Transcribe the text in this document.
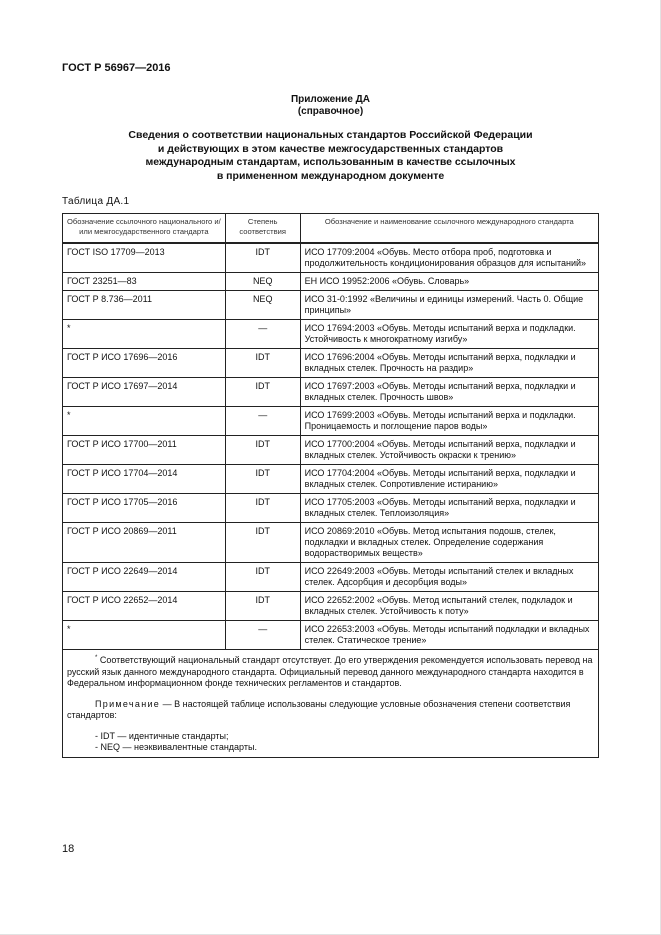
ГОСТ Р 56967—2016
Приложение ДА
(справочное)
Сведения о соответствии национальных стандартов Российской Федерации
и действующих в этом качестве межгосударственных стандартов
международным стандартам, использованным в качестве ссылочных
в примененном международном документе
Таблица ДА.1
Обозначение ссылочного национального и/или межгосударственного стандарта	Степень соответствия	Обозначение и наименование ссылочного международного стандарта
ГОСТ ISO 17709—2013	IDT	ИСО 17709:2004 «Обувь. Место отбора проб, подготовка и продолжительность кондиционирования образцов для испытаний»
ГОСТ 23251—83	NEQ	ЕН ИСО 19952:2006 «Обувь. Словарь»
ГОСТ Р 8.736—2011	NEQ	ИСО 31-0:1992 «Величины и единицы измерений. Часть 0. Общие принципы»
*	—	ИСО 17694:2003 «Обувь. Методы испытаний верха и подкладки. Устойчивость к многократному изгибу»
ГОСТ Р ИСО 17696—2016	IDT	ИСО 17696:2004 «Обувь. Методы испытаний верха, подкладки и вкладных стелек. Прочность на раздир»
ГОСТ Р ИСО 17697—2014	IDT	ИСО 17697:2003 «Обувь. Методы испытаний верха, подкладки и вкладных стелек. Прочность швов»
*	—	ИСО 17699:2003 «Обувь. Методы испытаний верха и подкладки. Проницаемость и поглощение паров воды»
ГОСТ Р ИСО 17700—2011	IDT	ИСО 17700:2004 «Обувь. Методы испытаний верха, подкладки и вкладных стелек. Устойчивость окраски к трению»
ГОСТ Р ИСО 17704—2014	IDT	ИСО 17704:2004 «Обувь. Методы испытаний верха, подкладки и вкладных стелек. Сопротивление истиранию»
ГОСТ Р ИСО 17705—2016	IDT	ИСО 17705:2003 «Обувь. Методы испытаний верха, подкладки и вкладных стелек. Теплоизоляция»
ГОСТ Р ИСО 20869—2011	IDT	ИСО 20869:2010 «Обувь. Метод испытания подошв, стелек, подкладки и вкладных стелек. Определение содержания водорастворимых веществ»
ГОСТ Р ИСО 22649—2014	IDT	ИСО 22649:2003 «Обувь. Методы испытаний стелек и вкладных стелек. Адсорбция и десорбция воды»
ГОСТ Р ИСО 22652—2014	IDT	ИСО 22652:2002 «Обувь. Метод испытаний стелек, подкладок и вкладных стелек. Устойчивость к поту»
*	—	ИСО 22653:2003 «Обувь. Методы испытаний подкладки и вкладных стелек. Статическое трение»

* Соответствующий национальный стандарт отсутствует. До его утверждения рекомендуется использовать перевод на русский язык данного международного стандарта. Официальный перевод данного международного стандарта находится в Федеральном информационном фонде технических регламентов и стандартов.

Примечание — В настоящей таблице использованы следующие условные обозначения степени соответствия стандартов:

- IDT — идентичные стандарты;

- NEQ — неэквивалентные стандарты.		

18
